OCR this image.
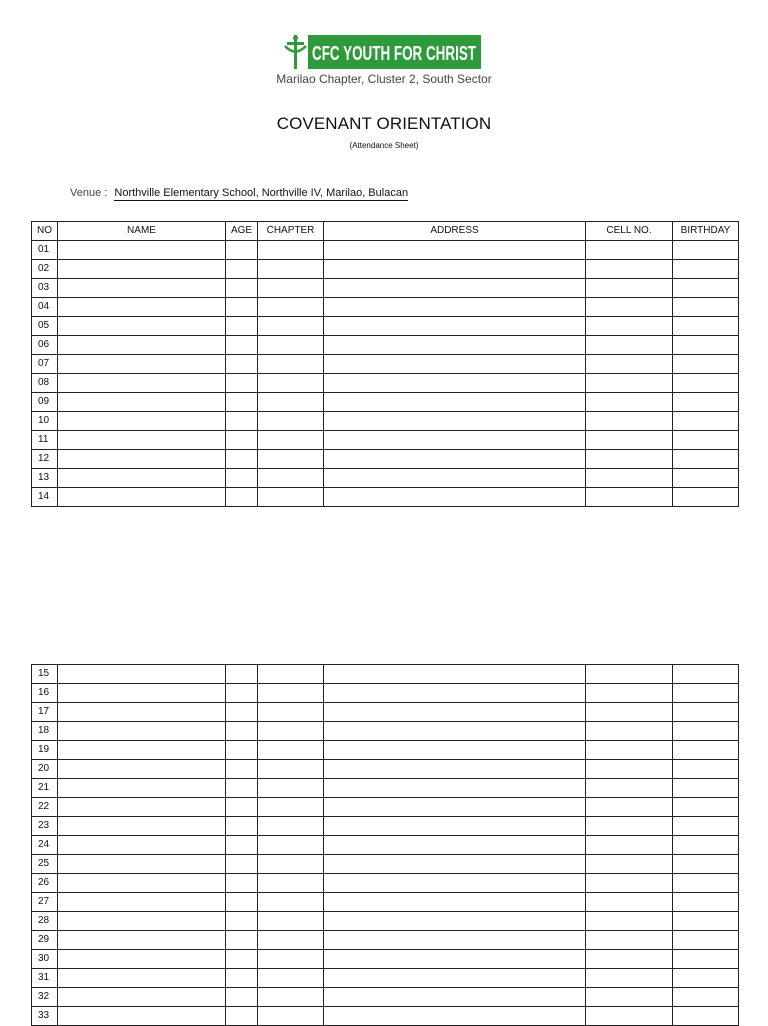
CFC YOUTH FOR CHRIST
Marilao Chapter, Cluster 2, South Sector
COVENANT ORIENTATION
(Attendance Sheet)
Venue : Northville Elementary School, Northville IV, Marilao, Bulacan
NO	NAME	AGE	CHAPTER	ADDRESS	CELL NO.	BIRTHDAY
01						
02						
03						
04						
05						
06						
07						
08						
09						
10						
11						
12						
13						
14						
15						
16						
17						
18						
19						
20						
21						
22						
23						
24						
25						
26						
27						
28						
29						
30						
31						
32						
33						
